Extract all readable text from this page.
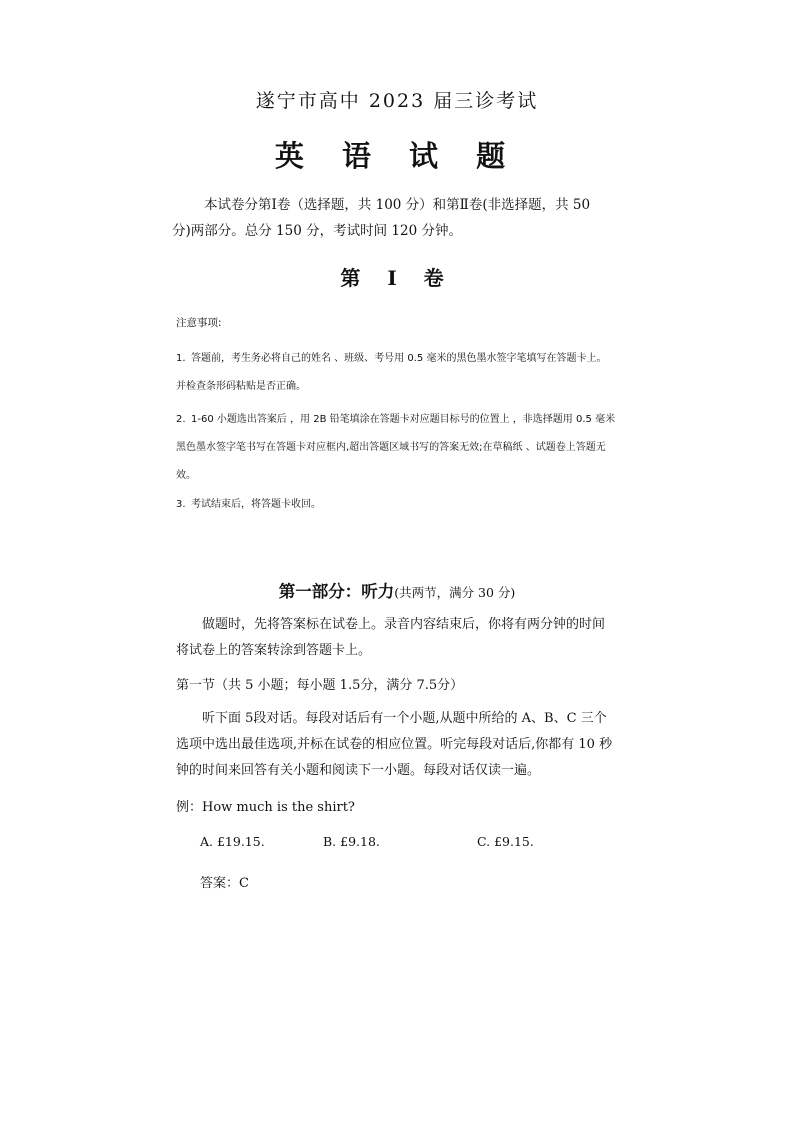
遂宁市高中 2023 届三诊考试
英 语 试 题
本试卷分第Ⅰ卷（选择题，共 100 分）和第Ⅱ卷(非选择题，共 50 分)两部分。总分 150 分，考试时间 120 分钟。
第 Ⅰ 卷
注意事项:
1. 答题前，考生务必将自己的姓名 、班级、考号用 0.5 毫米的黑色墨水签字笔填写在答题卡上。并检查条形码粘贴是否正确。
2. 1-60 小题选出答案后 ，用 2B 铅笔填涂在答题卡对应题目标号的位置上 ，非选择题用 0.5 毫米黑色墨水签字笔书写在答题卡对应框内,超出答题区域书写的答案无效;在草稿纸 、试题卷上答题无效。
3. 考试结束后，将答题卡收回。
第一部分：听力(共两节，满分 30 分)
做题时，先将答案标在试卷上。录音内容结束后，你将有两分钟的时间将试卷上的答案转涂到答题卡上。
第一节（共 5 小题；每小题 1.5分，满分 7.5分）
听下面 5段对话。每段对话后有一个小题,从题中所给的 A、B、C 三个选项中选出最佳选项,并标在试卷的相应位置。听完每段对话后,你都有 10 秒钟的时间来回答有关小题和阅读下一小题。每段对话仅读一遍。
例：How much is the shirt?
A. £19.15.	B. £9.18.	C. £9.15.
答案：C
